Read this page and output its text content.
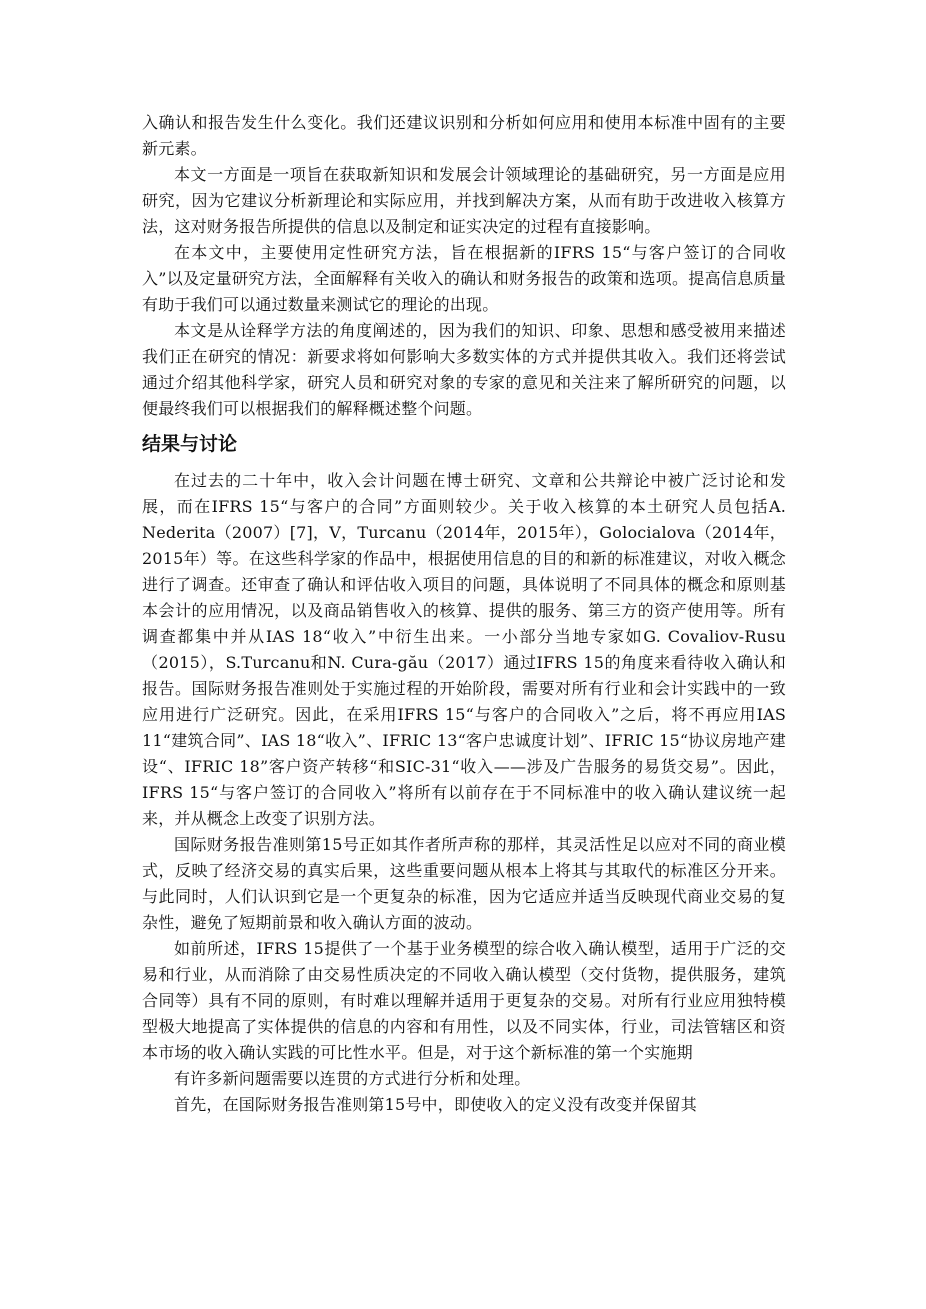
入确认和报告发生什么变化。我们还建议识别和分析如何应用和使用本标准中固有的主要新元素。

本文一方面是一项旨在获取新知识和发展会计领域理论的基础研究，另一方面是应用研究，因为它建议分析新理论和实际应用，并找到解决方案，从而有助于改进收入核算方法，这对财务报告所提供的信息以及制定和证实决定的过程有直接影响。

在本文中，主要使用定性研究方法，旨在根据新的IFRS 15“与客户签订的合同收入”以及定量研究方法，全面解释有关收入的确认和财务报告的政策和选项。提高信息质量有助于我们可以通过数量来测试它的理论的出现。

本文是从诠释学方法的角度阐述的，因为我们的知识、印象、思想和感受被用来描述我们正在研究的情况：新要求将如何影响大多数实体的方式并提供其收入。我们还将尝试通过介绍其他科学家，研究人员和研究对象的专家的意见和关注来了解所研究的问题，以便最终我们可以根据我们的解释概述整个问题。

结果与讨论

在过去的二十年中，收入会计问题在博士研究、文章和公共辩论中被广泛讨论和发展，而在IFRS 15“与客户的合同”方面则较少。关于收入核算的本土研究人员包括A. Nederita（2007）[7]，V，Turcanu（2014年，2015年），Golocialova（2014年，2015年）等。在这些科学家的作品中，根据使用信息的目的和新的标准建议，对收入概念进行了调查。还审查了确认和评估收入项目的问题，具体说明了不同具体的概念和原则基本会计的应用情况，以及商品销售收入的核算、提供的服务、第三方的资产使用等。所有调查都集中并从IAS 18“收入”中衍生出来。一小部分当地专家如G. Covaliov-Rusu（2015），S.Turcanu和N. Cura-gău（2017）通过IFRS 15的角度来看待收入确认和报告。国际财务报告准则处于实施过程的开始阶段，需要对所有行业和会计实践中的一致应用进行广泛研究。因此，在采用IFRS 15“与客户的合同收入”之后，将不再应用IAS 11“建筑合同”、IAS 18“收入”、IFRIC 13“客户忠诚度计划”、IFRIC 15“协议房地产建设“、IFRIC 18”客户资产转移“和SIC-31“收入——涉及广告服务的易货交易”。因此，IFRS 15“与客户签订的合同收入”将所有以前存在于不同标准中的收入确认建议统一起来，并从概念上改变了识别方法。

国际财务报告准则第15号正如其作者所声称的那样，其灵活性足以应对不同的商业模式，反映了经济交易的真实后果，这些重要问题从根本上将其与其取代的标准区分开来。与此同时，人们认识到它是一个更复杂的标准，因为它适应并适当反映现代商业交易的复杂性，避免了短期前景和收入确认方面的波动。

如前所述，IFRS 15提供了一个基于业务模型的综合收入确认模型，适用于广泛的交易和行业，从而消除了由交易性质决定的不同收入确认模型（交付货物，提供服务，建筑合同等）具有不同的原则，有时难以理解并适用于更复杂的交易。对所有行业应用独特模型极大地提高了实体提供的信息的内容和有用性，以及不同实体，行业，司法管辖区和资本市场的收入确认实践的可比性水平。但是，对于这个新标准的第一个实施期

有许多新问题需要以连贯的方式进行分析和处理。

首先，在国际财务报告准则第15号中，即使收入的定义没有改变并保留其
